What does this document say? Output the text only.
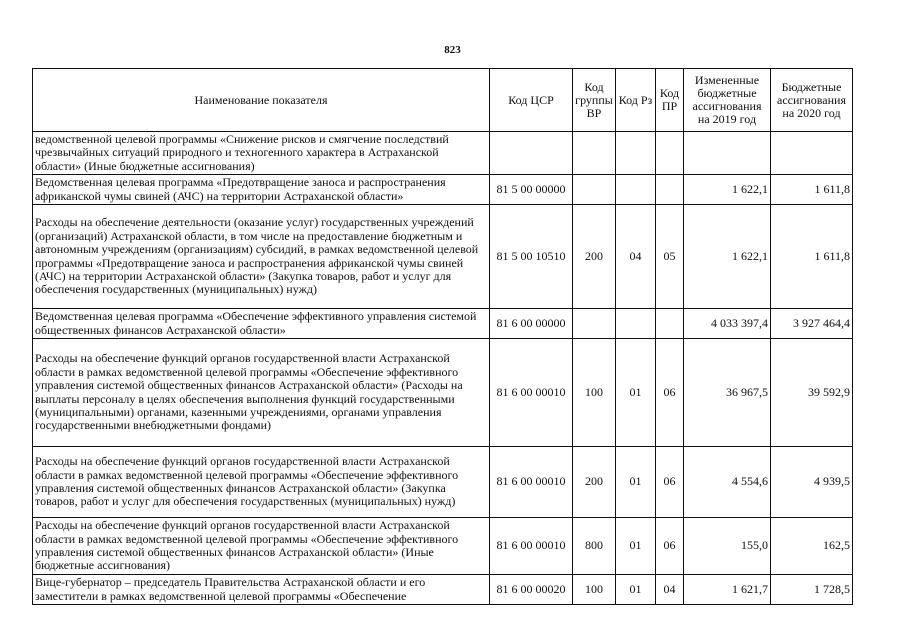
823
Наименование показателя	Код ЦСР	Код группы ВР	Код Рз	Код ПР	Измененные бюджетные ассигнования на 2019 год	Бюджетные ассигнования на 2020 год
ведомственной целевой программы «Снижение рисков и смягчение последствий чрезвычайных ситуаций природного и техногенного характера в Астраханской области» (Иные бюджетные ассигнования)						
Ведомственная целевая программа «Предотвращение заноса и распространения африканской чумы свиней (АЧС) на территории Астраханской области»	81 5 00 00000				1 622,1	1 611,8
Расходы на обеспечение деятельности (оказание услуг) государственных учреждений (организаций) Астраханской области, в том числе на предоставление бюджетным и автономным учреждениям (организациям) субсидий, в рамках ведомственной целевой программы «Предотвращение заноса и распространения африканской чумы свиней (АЧС) на территории Астраханской области» (Закупка товаров, работ и услуг для обеспечения государственных (муниципальных) нужд)	81 5 00 10510	200	04	05	1 622,1	1 611,8
Ведомственная целевая программа «Обеспечение эффективного управления системой общественных финансов Астраханской области»	81 6 00 00000				4 033 397,4	3 927 464,4
Расходы на обеспечение функций органов государственной власти Астраханской области в рамках ведомственной целевой программы «Обеспечение эффективного управления системой общественных финансов Астраханской области» (Расходы на выплаты персоналу в целях обеспечения выполнения функций государственными (муниципальными) органами, казенными учреждениями, органами управления государственными внебюджетными фондами)	81 6 00 00010	100	01	06	36 967,5	39 592,9
Расходы на обеспечение функций органов государственной власти Астраханской области в рамках ведомственной целевой программы «Обеспечение эффективного управления системой общественных финансов Астраханской области» (Закупка товаров, работ и услуг для обеспечения государственных (муниципальных) нужд)	81 6 00 00010	200	01	06	4 554,6	4 939,5
Расходы на обеспечение функций органов государственной власти Астраханской области в рамках ведомственной целевой программы «Обеспечение эффективного управления системой общественных финансов Астраханской области» (Иные бюджетные ассигнования)	81 6 00 00010	800	01	06	155,0	162,5
Вице-губернатор – председатель Правительства Астраханской области и его заместители в рамках ведомственной целевой программы «Обеспечение	81 6 00 00020	100	01	04	1 621,7	1 728,5
